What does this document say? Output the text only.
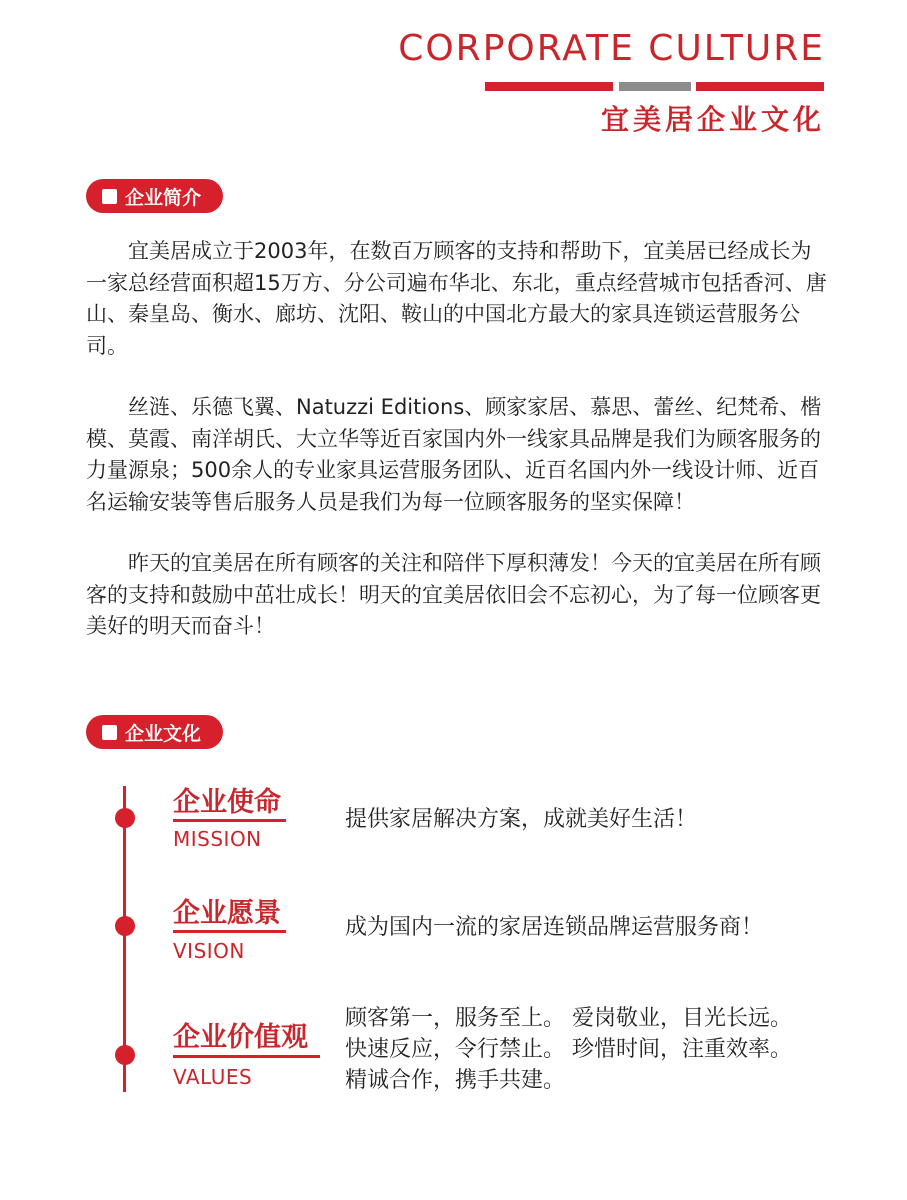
CORPORATE CULTURE
宜美居企业文化
企业简介

宜美居成立于2003年，在数百万顾客的支持和帮助下，宜美居已经成长为一家总经营面积超15万方、分公司遍布华北、东北，重点经营城市包括香河、唐山、秦皇岛、衡水、廊坊、沈阳、鞍山的中国北方最大的家具连锁运营服务公司。

丝涟、乐德飞翼、Natuzzi Editions、顾家家居、慕思、蕾丝、纪梵希、楷模、莫霞、南洋胡氏、大立华等近百家国内外一线家具品牌是我们为顾客服务的力量源泉；500余人的专业家具运营服务团队、近百名国内外一线设计师、近百名运输安装等售后服务人员是我们为每一位顾客服务的坚实保障！

昨天的宜美居在所有顾客的关注和陪伴下厚积薄发！今天的宜美居在所有顾客的支持和鼓励中茁壮成长！明天的宜美居依旧会不忘初心，为了每一位顾客更美好的明天而奋斗！

企业文化
企业使命
MISSION
提供家居解决方案，成就美好生活！
企业愿景
VISION
成为国内一流的家居连锁品牌运营服务商！
企业价值观
VALUES
顾客第一，服务至上。 爱岗敬业，目光长远。
快速反应，令行禁止。 珍惜时间，注重效率。
精诚合作，携手共建。
